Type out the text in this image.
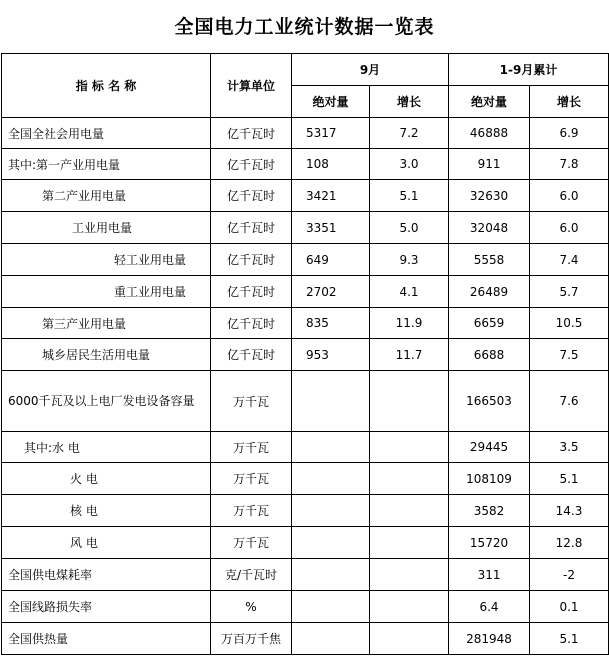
全国电力工业统计数据一览表
指 标 名 称	计算单位	9月		1-9月累计	
		绝对量	增长	绝对量	增长
全国全社会用电量	亿千瓦时	5317	7.2	46888	6.9
其中:第一产业用电量	亿千瓦时	108	3.0	911	7.8
第二产业用电量	亿千瓦时	3421	5.1	32630	6.0
工业用电量	亿千瓦时	3351	5.0	32048	6.0
轻工业用电量	亿千瓦时	649	9.3	5558	7.4
重工业用电量	亿千瓦时	2702	4.1	26489	5.7
第三产业用电量	亿千瓦时	835	11.9	6659	10.5
城乡居民生活用电量	亿千瓦时	953	11.7	6688	7.5
6000千瓦及以上电厂发电设备容量	万千瓦			166503	7.6
其中:水 电	万千瓦			29445	3.5
火 电	万千瓦			108109	5.1
核 电	万千瓦			3582	14.3
风 电	万千瓦			15720	12.8
全国供电煤耗率	克/千瓦时			311	-2
全国线路损失率	%			6.4	0.1
全国供热量	万百万千焦			281948	5.1
